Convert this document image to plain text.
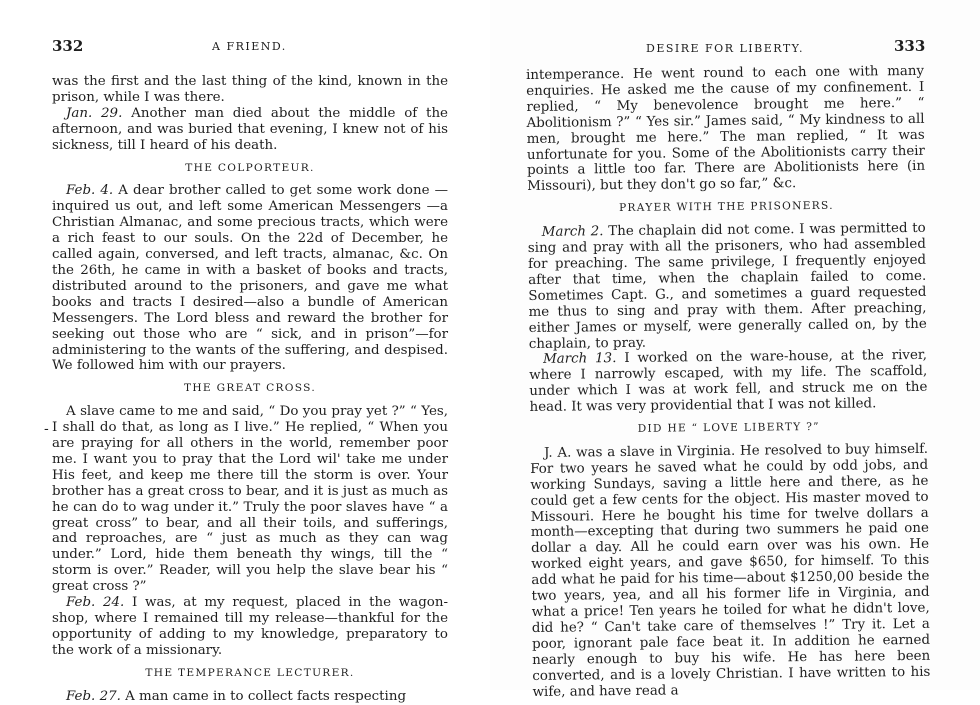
332	A FRIEND.

was the first and the last thing of the kind, known in the prison, while I was there.

Jan. 29. Another man died about the middle of the afternoon, and was buried that evening, I knew not of his sickness, till I heard of his death.

THE COLPORTEUR.

Feb. 4. A dear brother called to get some work done —inquired us out, and left some American Messengers —a Christian Almanac, and some precious tracts, which were a rich feast to our souls. On the 22d of December, he called again, conversed, and left tracts, almanac, &c. On the 26th, he came in with a basket of books and tracts, distributed around to the prisoners, and gave me what books and tracts I desired—also a bundle of American Messengers. The Lord bless and reward the brother for seeking out those who are “ sick, and in prison”—for administering to the wants of the suffering, and despised. We followed him with our prayers.

THE GREAT CROSS.

A slave came to me and said, “ Do you pray yet ?” “ Yes, I shall do that, as long as I live.” He replied, “ When you are praying for all others in the world, remember poor me. I want you to pray that the Lord wil' take me under His feet, and keep me there till the storm is over. Your brother has a great cross to bear, and it is just as much as he can do to wag under it.” Truly the poor slaves have “ a great cross” to bear, and all their toils, and sufferings, and reproaches, are “ just as much as they can wag under.” Lord, hide them beneath thy wings, till the “ storm is over.” Reader, will you help the slave bear his “ great cross ?”

Feb. 24. I was, at my request, placed in the wagon-shop, where I remained till my release—thankful for the opportunity of adding to my knowledge, preparatory to the work of a missionary.

THE TEMPERANCE LECTURER.

Feb. 27. A man came in to collect facts respecting

-
DESIRE FOR LIBERTY.	333

intemperance. He went round to each one with many enquiries. He asked me the cause of my confinement. I replied, “ My benevolence brought me here.” “ Abolitionism ?” “ Yes sir.” James said, “ My kindness to all men, brought me here.” The man replied, “ It was unfortunate for you. Some of the Abolitionists carry their points a little too far. There are Abolitionists here (in Missouri), but they don't go so far,” &c.

PRAYER WITH THE PRISONERS.

March 2. The chaplain did not come. I was permitted to sing and pray with all the prisoners, who had assembled for preaching. The same privilege, I frequently enjoyed after that time, when the chaplain failed to come. Sometimes Capt. G., and sometimes a guard requested me thus to sing and pray with them. After preaching, either James or myself, were generally called on, by the chaplain, to pray.

March 13. I worked on the ware-house, at the river, where I narrowly escaped, with my life. The scaffold, under which I was at work fell, and struck me on the head. It was very providential that I was not killed.

DID HE “ LOVE LIBERTY ?”

J. A. was a slave in Virginia. He resolved to buy himself. For two years he saved what he could by odd jobs, and working Sundays, saving a little here and there, as he could get a few cents for the object. His master moved to Missouri. Here he bought his time for twelve dollars a month—excepting that during two summers he paid one dollar a day. All he could earn over was his own. He worked eight years, and gave $650, for himself. To this add what he paid for his time—about $1250,00 beside the two years, yea, and all his former life in Virginia, and what a price! Ten years he toiled for what he didn't love, did he? “ Can't take care of themselves !” Try it. Let a poor, ignorant pale face beat it. In addition he earned nearly enough to buy his wife. He has here been converted, and is a lovely Christian. I have written to his wife, and have read a
